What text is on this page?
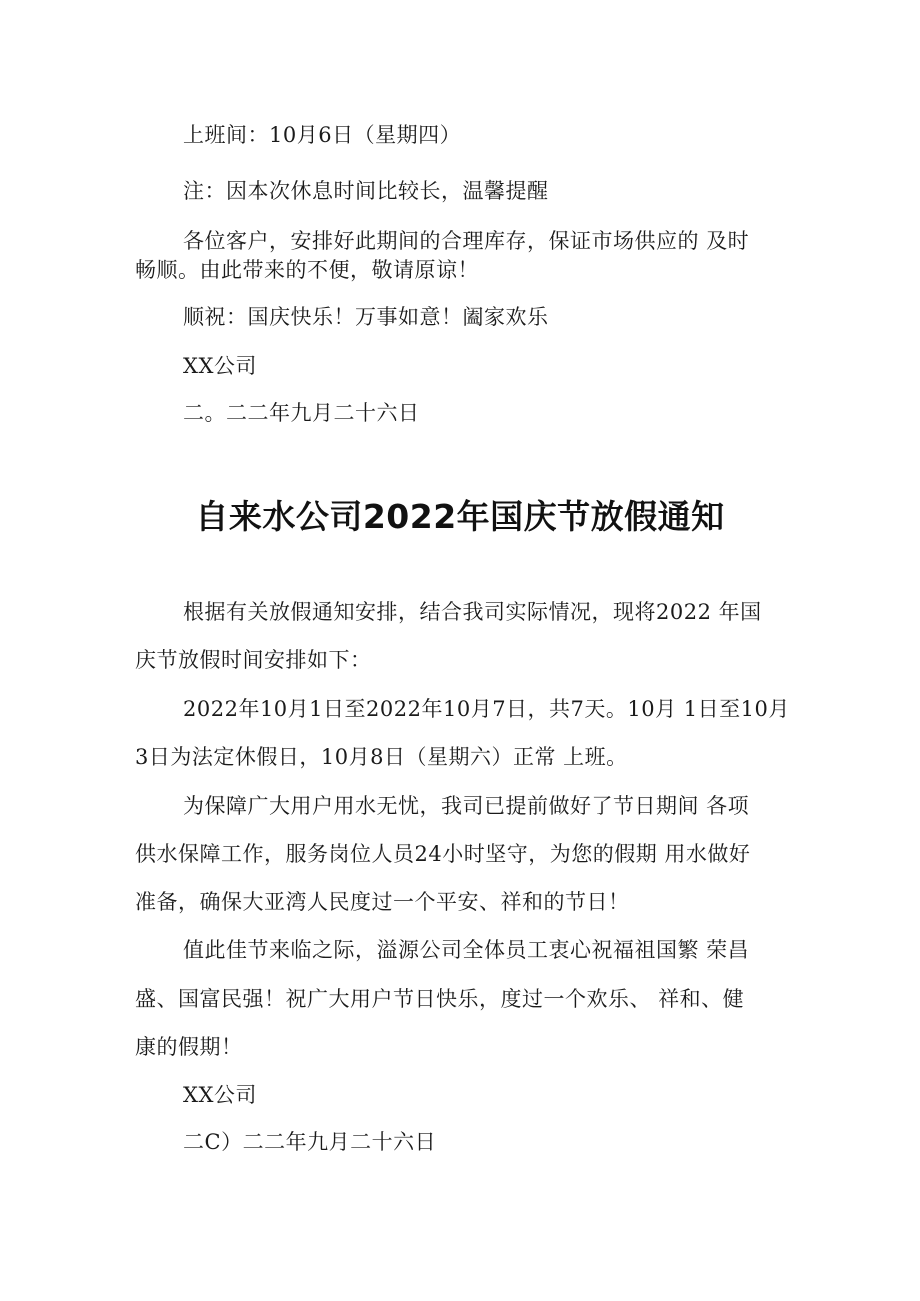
上班间：10月6日（星期四）
注：因本次休息时间比较长，温馨提醒
各位客户，安排好此期间的合理库存，保证市场供应的 及时
畅顺。由此带来的不便，敬请原谅！
顺祝：国庆快乐！万事如意！阖家欢乐
XX公司
二。二二年九月二十六日
自来水公司2022年国庆节放假通知
根据有关放假通知安排，结合我司实际情况，现将2022 年国
庆节放假时间安排如下：
2022年10月1日至2022年10月7日，共7天。10月 1日至10月
3日为法定休假日，10月8日（星期六）正常 上班。
为保障广大用户用水无忧，我司已提前做好了节日期间 各项
供水保障工作，服务岗位人员24小时坚守，为您的假期 用水做好
准备，确保大亚湾人民度过一个平安、祥和的节日！
值此佳节来临之际，溢源公司全体员工衷心祝福祖国繁 荣昌
盛、国富民强！祝广大用户节日快乐，度过一个欢乐、 祥和、健
康的假期！
XX公司
二C）二二年九月二十六日
